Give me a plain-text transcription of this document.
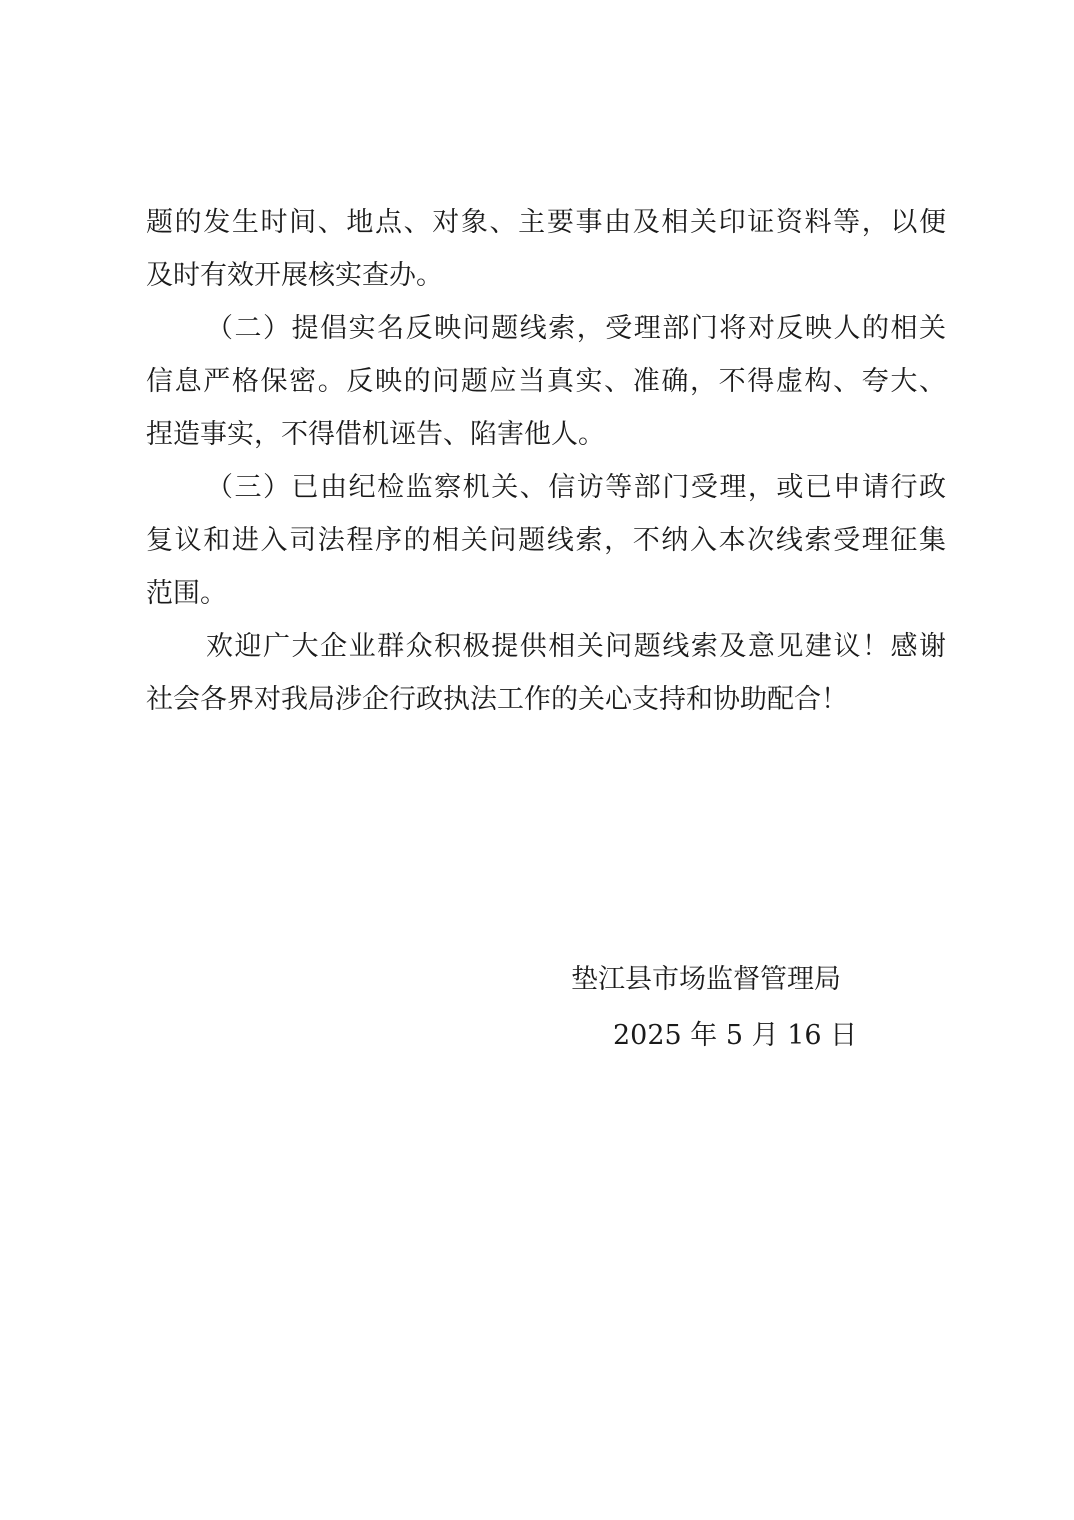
题的发生时间、地点、对象、主要事由及相关印证资料等，以便
及时有效开展核实查办。
（二）提倡实名反映问题线索，受理部门将对反映人的相关
信息严格保密。反映的问题应当真实、准确，不得虚构、夸大、
捏造事实，不得借机诬告、陷害他人。
（三）已由纪检监察机关、信访等部门受理，或已申请行政
复议和进入司法程序的相关问题线索，不纳入本次线索受理征集
范围。
欢迎广大企业群众积极提供相关问题线索及意见建议！感谢
社会各界对我局涉企行政执法工作的关心支持和协助配合！
垫江县市场监督管理局
2025 年 5 月 16 日
